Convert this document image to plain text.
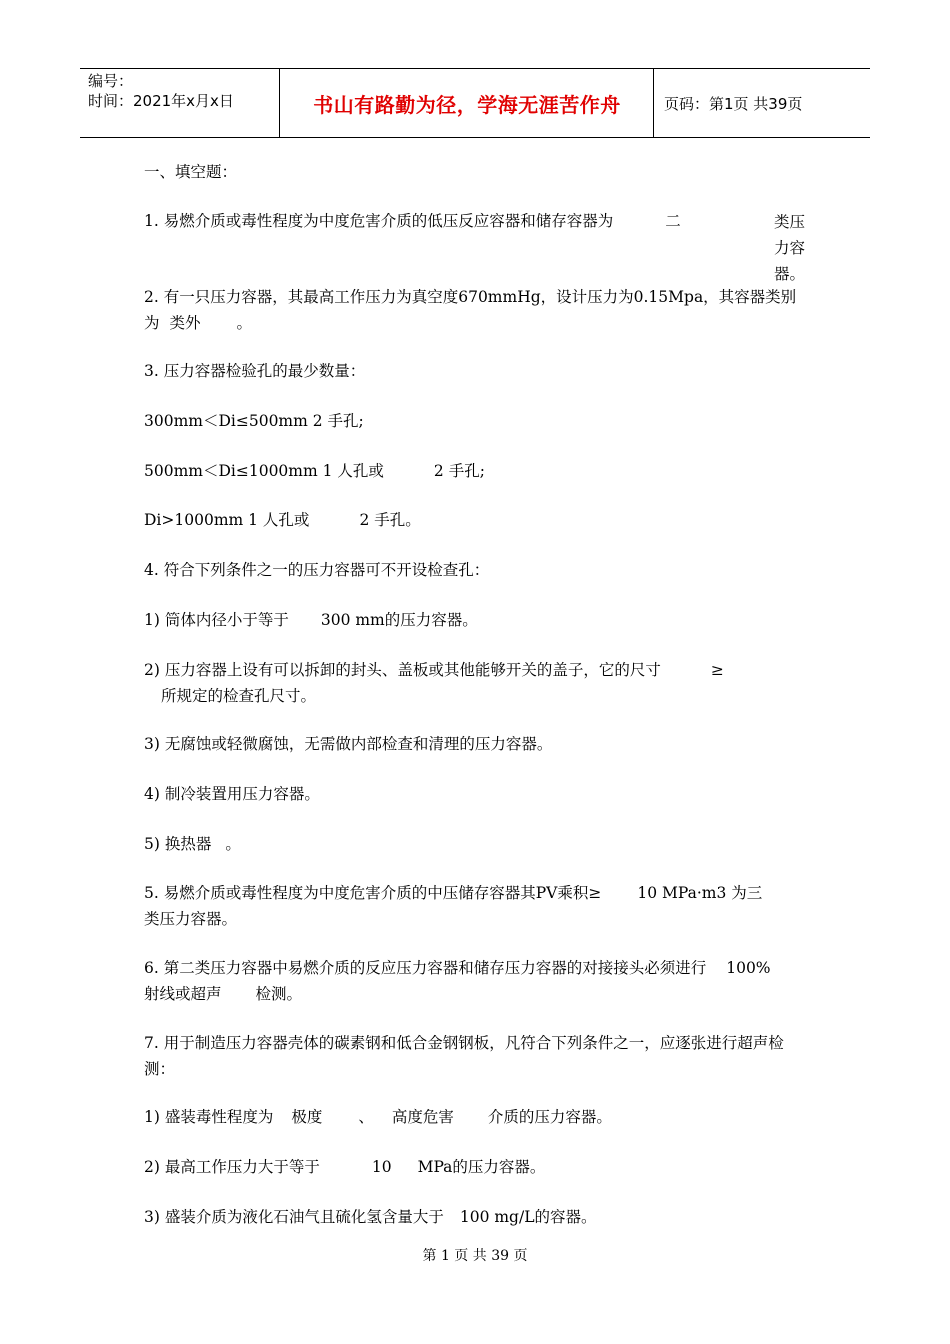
编号：
时间：2021年x月x日	书山有路勤为径，学海无涯苦作舟	页码：第1页 共39页
一、填空题：
1. 易燃介质或毒性程度为中度危害介质的低压反应容器和储存容器为	二	类压力容器。
2. 有一只压力容器，其最高工作压力为真空度670mmHg，设计压力为0.15Mpa，其容器类别为 类外 。
3. 压力容器检验孔的最少数量：
300mm＜Di≤500mm 2 手孔;
500mm＜Di≤1000mm 1 人孔或	2 手孔;
Di>1000mm 1 人孔或	2 手孔。
4. 符合下列条件之一的压力容器可不开设检查孔：
1) 筒体内径小于等于 300 mm的压力容器。
2) 压力容器上设有可以拆卸的封头、盖板或其他能够开关的盖子，它的尺寸	≥
所规定的检查孔尺寸。
3) 无腐蚀或轻微腐蚀，无需做内部检查和清理的压力容器。
4) 制冷装置用压力容器。
5) 换热器 。
5. 易燃介质或毒性程度为中度危害介质的中压储存容器其PV乘积≥ 10 MPa·m3 为三
类压力容器。
6. 第二类压力容器中易燃介质的反应压力容器和储存压力容器的对接接头必须进行 100%
射线或超声 检测。
7. 用于制造压力容器壳体的碳素钢和低合金钢钢板，凡符合下列条件之一，应逐张进行超声检测：
1) 盛装毒性程度为 极度 、 高度危害 介质的压力容器。
2) 最高工作压力大于等于	10 MPa的压力容器。
3) 盛装介质为液化石油气且硫化氢含量大于 100 mg/L的容器。
第 1 页 共 39 页
